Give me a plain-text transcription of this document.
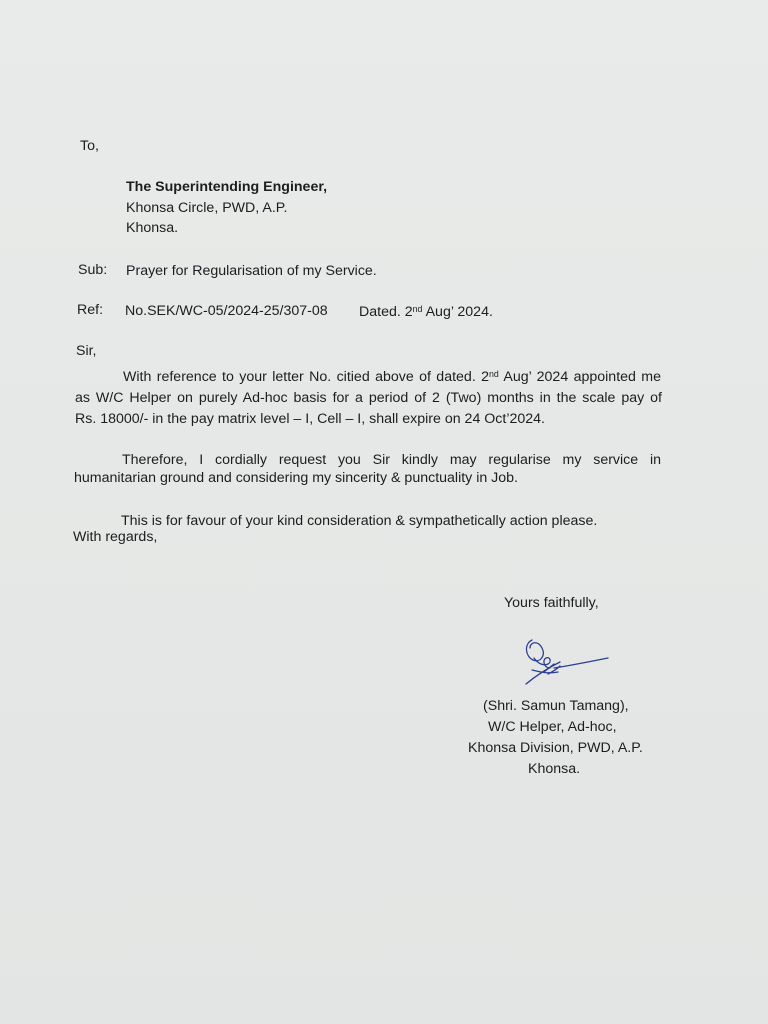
To,
The Superintending Engineer,
Khonsa Circle, PWD, A.P.
Khonsa.
Sub: Prayer for Regularisation of my Service.
Ref: No.SEK/WC-05/2024-25/307-08 Dated. 2nd Aug’ 2024.
Sir,
With reference to your letter No. citied above of dated. 2nd Aug’ 2024 appointed me
as W/C Helper on purely Ad-hoc basis for a period of 2 (Two) months in the scale pay of
Rs. 18000/- in the pay matrix level – I, Cell – I, shall expire on 24 Oct’2024.
Therefore, I cordially request you Sir kindly may regularise my service in
humanitarian ground and considering my sincerity & punctuality in Job.
This is for favour of your kind consideration & sympathetically action please.
With regards,
Yours faithfully,
(Shri. Samun Tamang),
W/C Helper, Ad-hoc,
Khonsa Division, PWD, A.P.
Khonsa.
